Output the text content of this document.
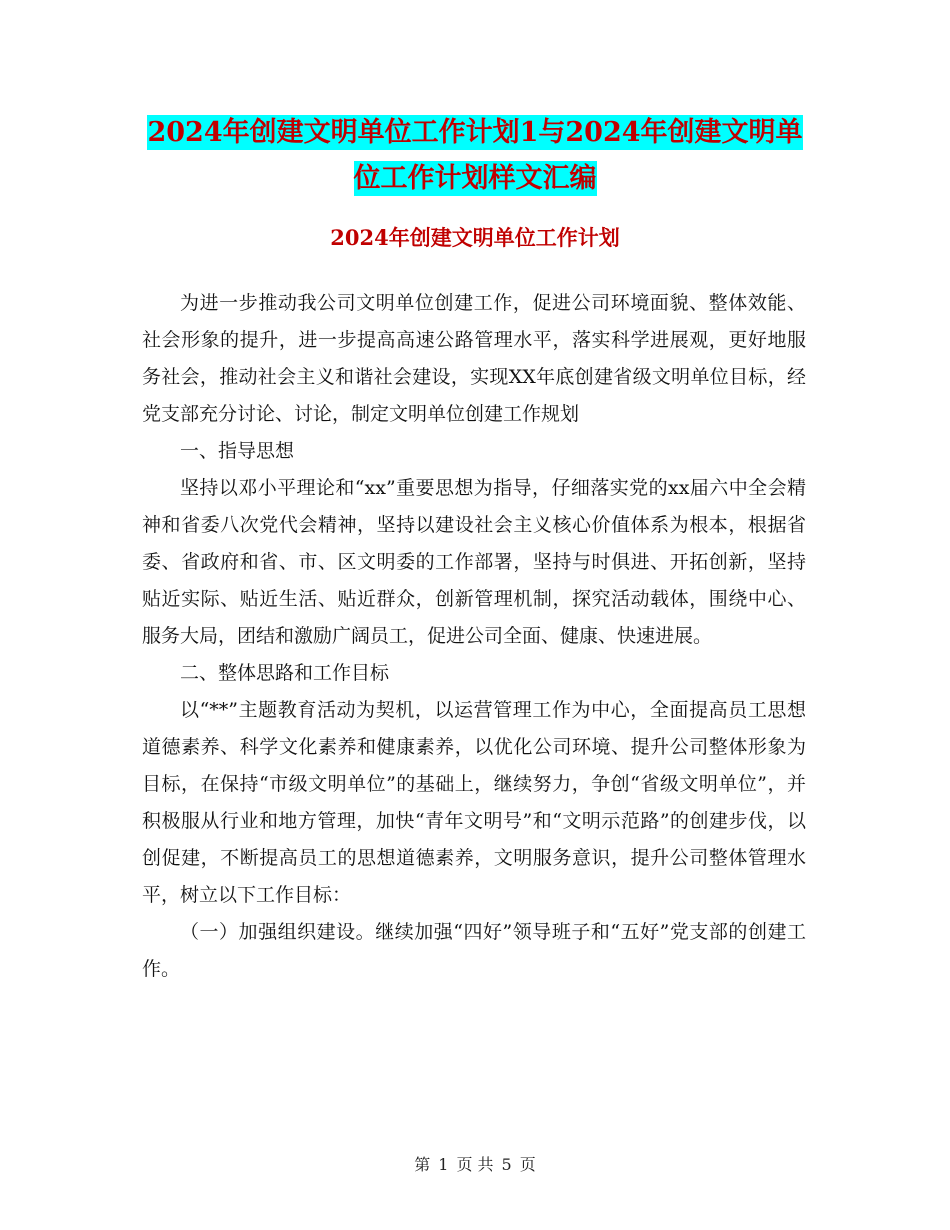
2024年创建文明单位工作计划1与2024年创建文明单
位工作计划样文汇编
2024年创建文明单位工作计划

为进一步推动我公司文明单位创建工作，促进公司环境面貌、整体效能、社会形象的提升，进一步提高高速公路管理水平，落实科学进展观，更好地服务社会，推动社会主义和谐社会建设，实现XX年底创建省级文明单位目标，经党支部充分讨论、讨论，制定文明单位创建工作规划

一、指导思想

坚持以邓小平理论和“xx”重要思想为指导，仔细落实党的xx届六中全会精神和省委八次党代会精神，坚持以建设社会主义核心价值体系为根本，根据省委、省政府和省、市、区文明委的工作部署，坚持与时俱进、开拓创新，坚持贴近实际、贴近生活、贴近群众，创新管理机制，探究活动载体，围绕中心、服务大局，团结和激励广阔员工，促进公司全面、健康、快速进展。

二、整体思路和工作目标

以“**”主题教育活动为契机，以运营管理工作为中心，全面提高员工思想道德素养、科学文化素养和健康素养，以优化公司环境、提升公司整体形象为目标，在保持“市级文明单位”的基础上，继续努力，争创“省级文明单位”，并积极服从行业和地方管理，加快“青年文明号”和“文明示范路”的创建步伐，以创促建，不断提高员工的思想道德素养，文明服务意识，提升公司整体管理水平，树立以下工作目标：

（一）加强组织建设。继续加强“四好”领导班子和“五好”党支部的创建工作。

第 1 页 共 5 页
